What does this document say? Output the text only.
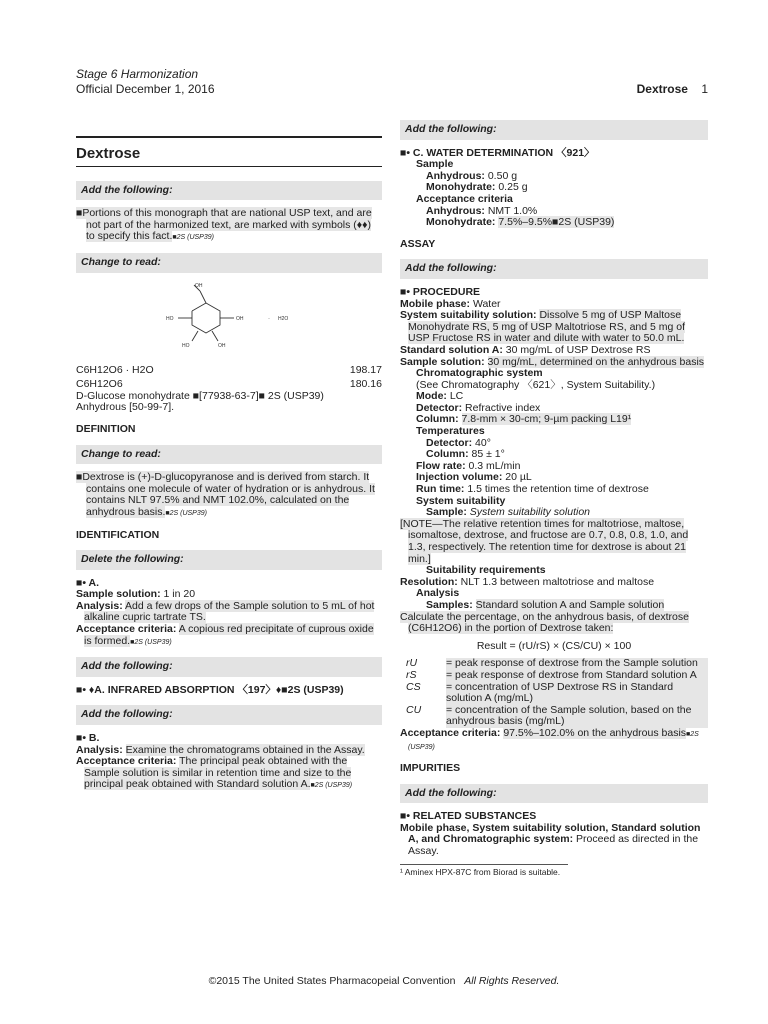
Stage 6 Harmonization
Official December 1, 2016	Dextrose 1
Dextrose
Add the following:

■Portions of this monograph that are national USP text, and are not part of the harmonized text, are marked with symbols (♦♦) to specify this fact.■2S (USP39)

Change to read:
OH
HO	OH
HO	OH
· H2O
C6H12O6 · H2O	198.17
C6H12O6	180.16

D-Glucose monohydrate ■[77938-63-7]■ 2S (USP39)

Anhydrous [50-99-7].

DEFINITION
Change to read:

■Dextrose is (+)-D-glucopyranose and is derived from starch. It contains one molecule of water of hydration or is anhydrous. It contains NLT 97.5% and NMT 102.0%, calculated on the anhydrous basis.■2S (USP39)

IDENTIFICATION
Delete the following:

■• A.

Sample solution: 1 in 20

Analysis: Add a few drops of the Sample solution to 5 mL of hot alkaline cupric tartrate TS.

Acceptance criteria: A copious red precipitate of cuprous oxide is formed.■2S (USP39)

Add the following:

■• ♦A. INFRARED ABSORPTION 〈197〉♦■2S (USP39)

Add the following:

■• B.

Analysis: Examine the chromatograms obtained in the Assay.

Acceptance criteria: The principal peak obtained with the Sample solution is similar in retention time and size to the principal peak obtained with Standard solution A.■2S (USP39)

Add the following:

■• C. WATER DETERMINATION 〈921〉

Sample

Anhydrous: 0.50 g

Monohydrate: 0.25 g

Acceptance criteria

Anhydrous: NMT 1.0%

Monohydrate: 7.5%–9.5%■2S (USP39)

ASSAY
Add the following:

■• PROCEDURE

Mobile phase: Water

System suitability solution: Dissolve 5 mg of USP Maltose Monohydrate RS, 5 mg of USP Maltotriose RS, and 5 mg of USP Fructose RS in water and dilute with water to 50.0 mL.

Standard solution A: 30 mg/mL of USP Dextrose RS

Sample solution: 30 mg/mL, determined on the anhydrous basis

Chromatographic system

(See Chromatography 〈621〉, System Suitability.)

Mode: LC

Detector: Refractive index

Column: 7.8-mm × 30-cm; 9-µm packing L19¹

Temperatures

Detector: 40°

Column: 85 ± 1°

Flow rate: 0.3 mL/min

Injection volume: 20 µL

Run time: 1.5 times the retention time of dextrose

System suitability

Sample: System suitability solution

[NOTE—The relative retention times for maltotriose, maltose, isomaltose, dextrose, and fructose are 0.7, 0.8, 0.8, 1.0, and 1.3, respectively. The retention time for dextrose is about 21 min.]

Suitability requirements

Resolution: NLT 1.3 between maltotriose and maltose

Analysis

Samples: Standard solution A and Sample solution

Calculate the percentage, on the anhydrous basis, of dextrose (C6H12O6) in the portion of Dextrose taken:

Result = (rU/rS) × (CS/CU) × 100
rU	= peak response of dextrose from the Sample solution
rS	= peak response of dextrose from Standard solution A
CS	= concentration of USP Dextrose RS in Standard solution A (mg/mL)
CU	= concentration of the Sample solution, based on the anhydrous basis (mg/mL)

Acceptance criteria: 97.5%–102.0% on the anhydrous basis■2S (USP39)

IMPURITIES
Add the following:

■• RELATED SUBSTANCES

Mobile phase, System suitability solution, Standard solution A, and Chromatographic system: Proceed as directed in the Assay.

¹ Aminex HPX-87C from Biorad is suitable.
©2015 The United States Pharmacopeial Convention All Rights Reserved.
